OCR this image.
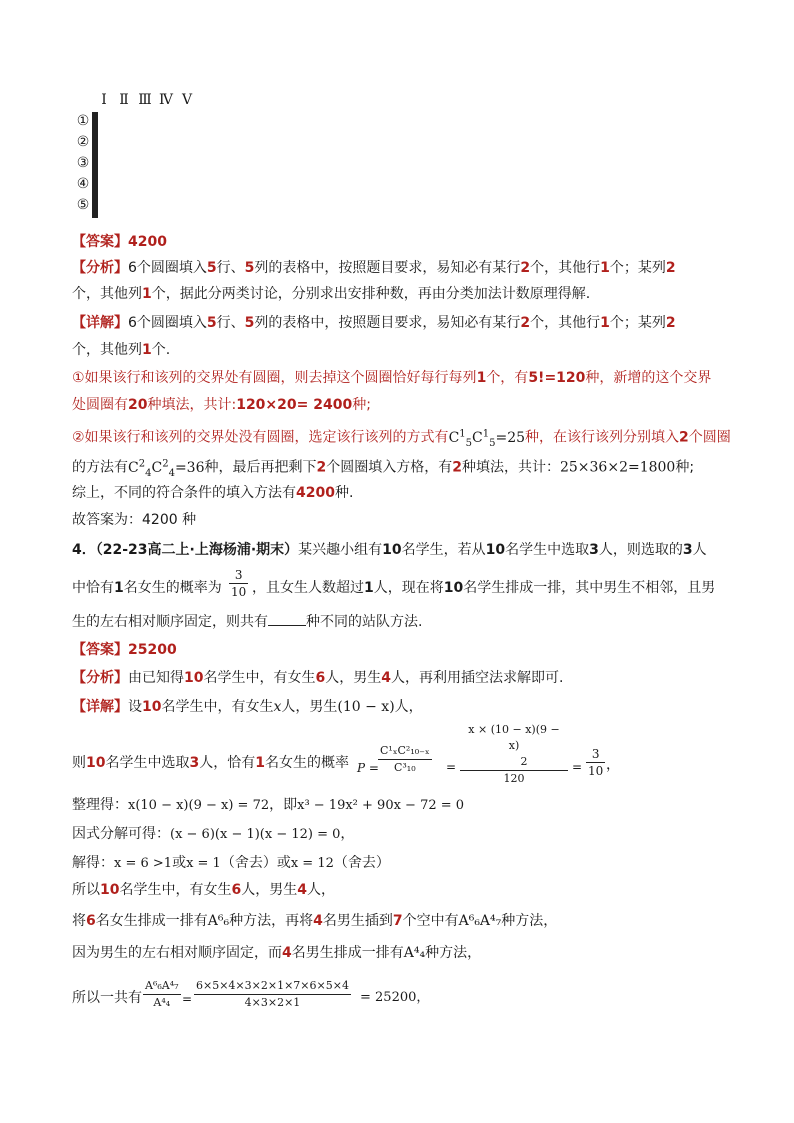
Ⅰ Ⅱ Ⅲ Ⅳ Ⅴ
①
②
③
④
⑤

【答案】4200
【分析】6个圆圈填入5行、5列的表格中，按照题目要求，易知必有某行2个，其他行1个；某列2
个，其他列1个，据此分两类讨论，分别求出安排种数，再由分类加法计数原理得解.
【详解】6个圆圈填入5行、5列的表格中，按照题目要求，易知必有某行2个，其他行1个；某列2
个，其他列1个.
①如果该行和该列的交界处有圆圈，则去掉这个圆圈恰好每行每列1个，有5!=120种，新增的这个交界
处圆圈有20种填法，共计:120×20= 2400种;
②如果该行和该列的交界处没有圆圈，选定该行该列的方式有$C^1_5C^1_5=25$种，在该行该列分别填入2个圆圈
的方法有$C^2_4C^2_4=36$种，最后再把剩下2个圆圈填入方格，有2种填法，共计：25×36×2=1800种;
综上，不同的符合条件的填入方法有4200种.
故答案为：4200 种
4．（22-23高二上·上海杨浦·期末）某兴趣小组有10名学生，若从10名学生中选取3人，则选取的3人
中恰有1名女生的概率为 $\frac{3}{10}$ ，且女生人数超过1人，现在将10名学生排成一排，其中男生不相邻，且男
生的左右相对顺序固定，则共有	种不同的站队方法.
【答案】25200
【分析】由已知得10名学生中，有女生6人，男生4人，再利用插空法求解即可.
【详解】设10名学生中，有女生x人，男生(10 − x)人，
则10名学生中选取3人，恰有1名女生的概率 $P = \frac{\text{C¹ₓC²₁₀₋ₓ}}{\text{C³₁₀}}$ =
x × (10 − x)(9 − x)
2
120
= $\frac{3}{10}$ ，
整理得：x(10 − x)(9 − x) = 72，即x³ − 19x² + 90x − 72 = 0
因式分解可得：(x − 6)(x − 1)(x − 12) = 0，
解得：x = 6 >1或x = 1（舍去）或x = 12（舍去）
所以10名学生中，有女生6人，男生4人，
将6名女生排成一排有A⁶₆种方法，再将4名男生插到7个空中有A⁶₆A⁴₇种方法，
因为男生的左右相对顺序固定，而4名男生排成一排有A⁴₄种方法，
所以一共有 $\frac{\text{A⁶₆A⁴₇}}{\text{A⁴₄}} = \frac{6\times 5\times 4\times 3\times 2\times 1\times 7\times 6\times 5\times 4}{4\times 3\times 2\times 1} = 25200$，
